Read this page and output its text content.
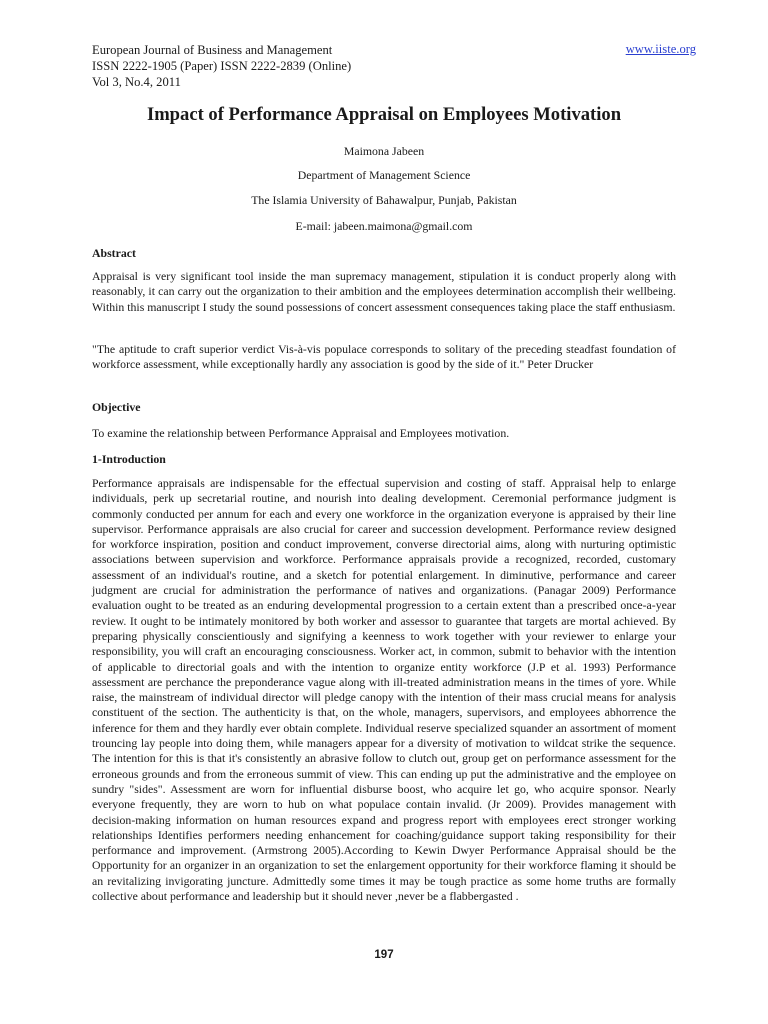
European Journal of Business and Management
ISSN 2222-1905 (Paper) ISSN 2222-2839 (Online)
Vol 3, No.4, 2011
www.iiste.org
Impact of Performance Appraisal on Employees Motivation
Maimona Jabeen
Department of Management Science
The Islamia University of Bahawalpur, Punjab, Pakistan
E-mail: jabeen.maimona@gmail.com
Abstract
Appraisal is very significant tool inside the man supremacy management, stipulation it is conduct properly along with reasonably, it can carry out the organization to their ambition and the employees determination accomplish their wellbeing. Within this manuscript I study the sound possessions of concert assessment consequences taking place the staff enthusiasm.
"The aptitude to craft superior verdict Vis-à-vis populace corresponds to solitary of the preceding steadfast foundation of workforce assessment, while exceptionally hardly any association is good by the side of it." Peter Drucker
Objective
To examine the relationship between Performance Appraisal and Employees motivation.
1-Introduction
Performance appraisals are indispensable for the effectual supervision and costing of staff. Appraisal help to enlarge individuals, perk up secretarial routine, and nourish into dealing development. Ceremonial performance judgment is commonly conducted per annum for each and every one workforce in the organization everyone is appraised by their line supervisor. Performance appraisals are also crucial for career and succession development. Performance review designed for workforce inspiration, position and conduct improvement, converse directorial aims, along with nurturing optimistic associations between supervision and workforce. Performance appraisals provide a recognized, recorded, customary assessment of an individual's routine, and a sketch for potential enlargement. In diminutive, performance and career judgment are crucial for administration the performance of natives and organizations. (Panagar 2009) Performance evaluation ought to be treated as an enduring developmental progression to a certain extent than a prescribed once-a-year review. It ought to be intimately monitored by both worker and assessor to guarantee that targets are mortal achieved. By preparing physically conscientiously and signifying a keenness to work together with your reviewer to enlarge your responsibility, you will craft an encouraging consciousness. Worker act, in common, submit to behavior with the intention of applicable to directorial goals and with the intention to organize entity workforce (J.P et al. 1993) Performance assessment are perchance the preponderance vague along with ill-treated administration means in the times of yore. While raise, the mainstream of individual director will pledge canopy with the intention of their mass crucial means for analysis constituent of the section. The authenticity is that, on the whole, managers, supervisors, and employees abhorrence the inference for them and they hardly ever obtain complete. Individual reserve specialized squander an assortment of moment trouncing lay people into doing them, while managers appear for a diversity of motivation to wildcat strike the sequence. The intention for this is that it's consistently an abrasive follow to clutch out, group get on performance assessment for the erroneous grounds and from the erroneous summit of view. This can ending up put the administrative and the employee on sundry "sides". Assessment are worn for influential disburse boost, who acquire let go, who acquire sponsor. Nearly everyone frequently, they are worn to hub on what populace contain invalid. (Jr 2009). Provides management with decision-making information on human resources expand and progress report with employees erect stronger working relationships Identifies performers needing enhancement for coaching/guidance support taking responsibility for their performance and improvement. (Armstrong 2005).According to Kewin Dwyer Performance Appraisal should be the Opportunity for an organizer in an organization to set the enlargement opportunity for their workforce flaming it should be an revitalizing invigorating juncture. Admittedly some times it may be tough practice as some home truths are formally collective about performance and leadership but it should never ,never be a flabbergasted .
197
